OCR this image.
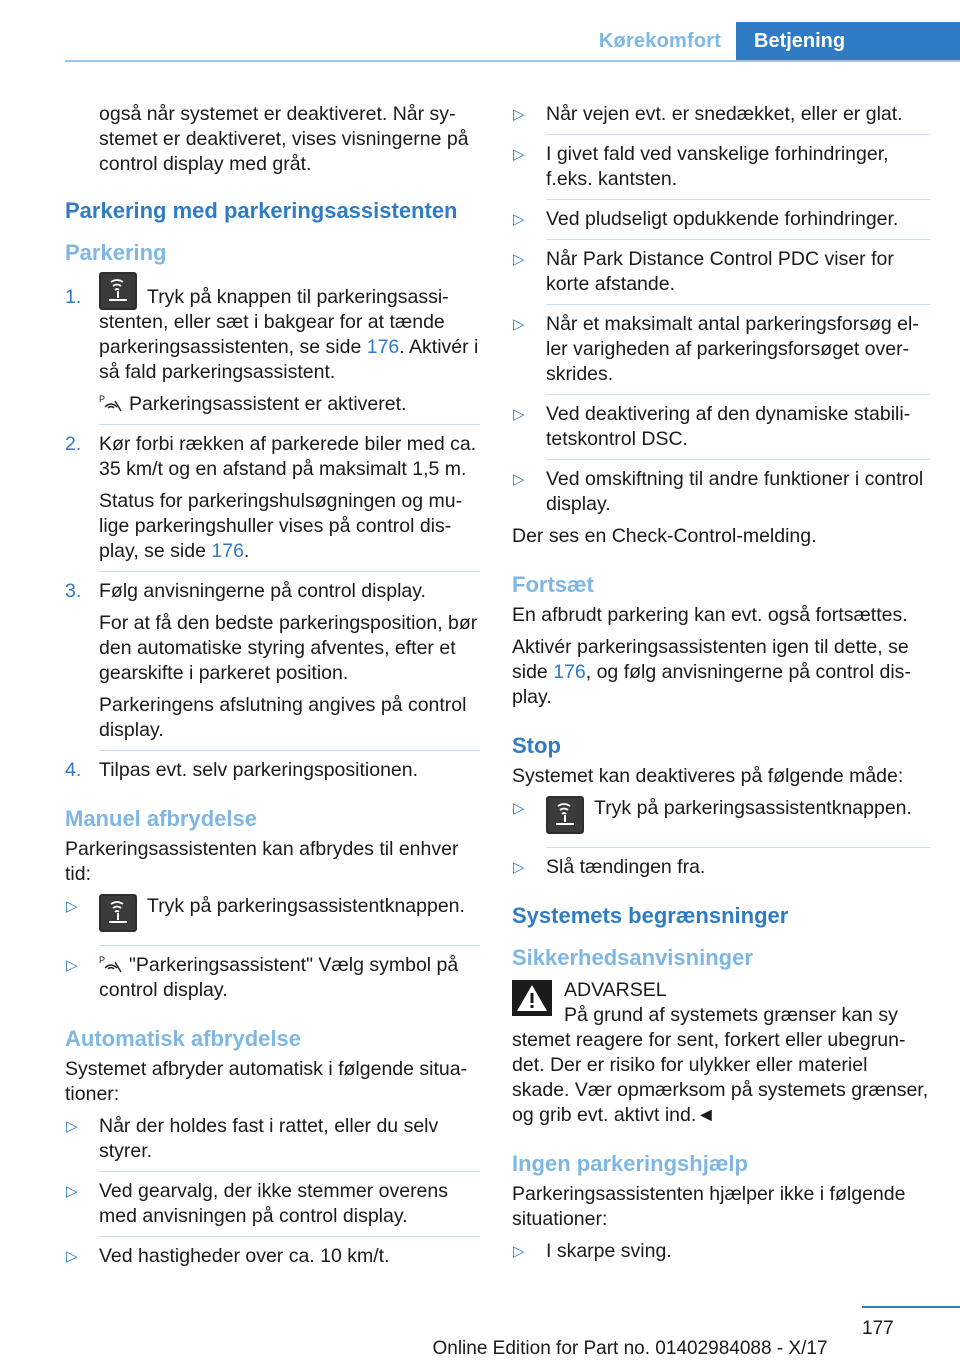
Kørekomfort	Betjening

også når systemet er deaktiveret. Når systemet er deaktiveret, vises visningerne på control display med gråt.

Parkering med parkeringsassistenten
Parkering
1.	Tryk på knappen til parkeringsassistenten, eller sæt i bakgear for at tænde parkeringsassistenten, se side 176. Aktivér i så fald parkeringsassistent.
P Parkeringsassistent er aktiveret.
2. Kør forbi rækken af parkerede biler med ca. 35 km/t og en afstand på maksimalt 1,5 m.
Status for parkeringshulsøgningen og mulige parkeringshuller vises på control display, se side 176.
3. Følg anvisningerne på control display.
For at få den bedste parkeringsposition, bør den automatiske styring afventes, efter et gearskifte i parkeret position.
Parkeringens afslutning angives på control display.
4. Tilpas evt. selv parkeringspositionen.
Manuel afbrydelse

Parkeringsassistenten kan afbrydes til enhver tid:

▷	Tryk på parkeringsassistentknappen.
▷ P "Parkeringsassistent" Vælg symbol på control display.
Automatisk afbrydelse

Systemet afbryder automatisk i følgende situationer:

▷ Når der holdes fast i rattet, eller du selv styrer.
▷ Ved gearvalg, der ikke stemmer overens med anvisningen på control display.
▷ Ved hastigheder over ca. 10 km/t.
▷ Når vejen evt. er snedækket, eller er glat.
▷ I givet fald ved vanskelige forhindringer, f.eks. kantsten.
▷ Ved pludseligt opdukkende forhindringer.
▷ Når Park Distance Control PDC viser for korte afstande.
▷ Når et maksimalt antal parkeringsforsøg eller varigheden af parkeringsforsøget overskrides.
▷ Ved deaktivering af den dynamiske stabilitetskontrol DSC.
▷ Ved omskiftning til andre funktioner i control display.

Der ses en Check-Control-melding.

Fortsæt

En afbrudt parkering kan evt. også fortsættes.

Aktivér parkeringsassistenten igen til dette, se side 176, og følg anvisningerne på control display.

Stop

Systemet kan deaktiveres på følgende måde:

▷	Tryk på parkeringsassistentknappen.
▷ Slå tændingen fra.
Systemets begrænsninger
Sikkerhedsanvisninger
ADVARSEL
På grund af systemets grænser kan sy

stemet reagere for sent, forkert eller ubegrundet. Der er risiko for ulykker eller materiel skade. Vær opmærksom på systemets grænser, og grib evt. aktivt ind.◄

Ingen parkeringshjælp

Parkeringsassistenten hjælper ikke i følgende situationer:

▷ I skarpe sving.
177
Online Edition for Part no. 01402984088 - X/17
